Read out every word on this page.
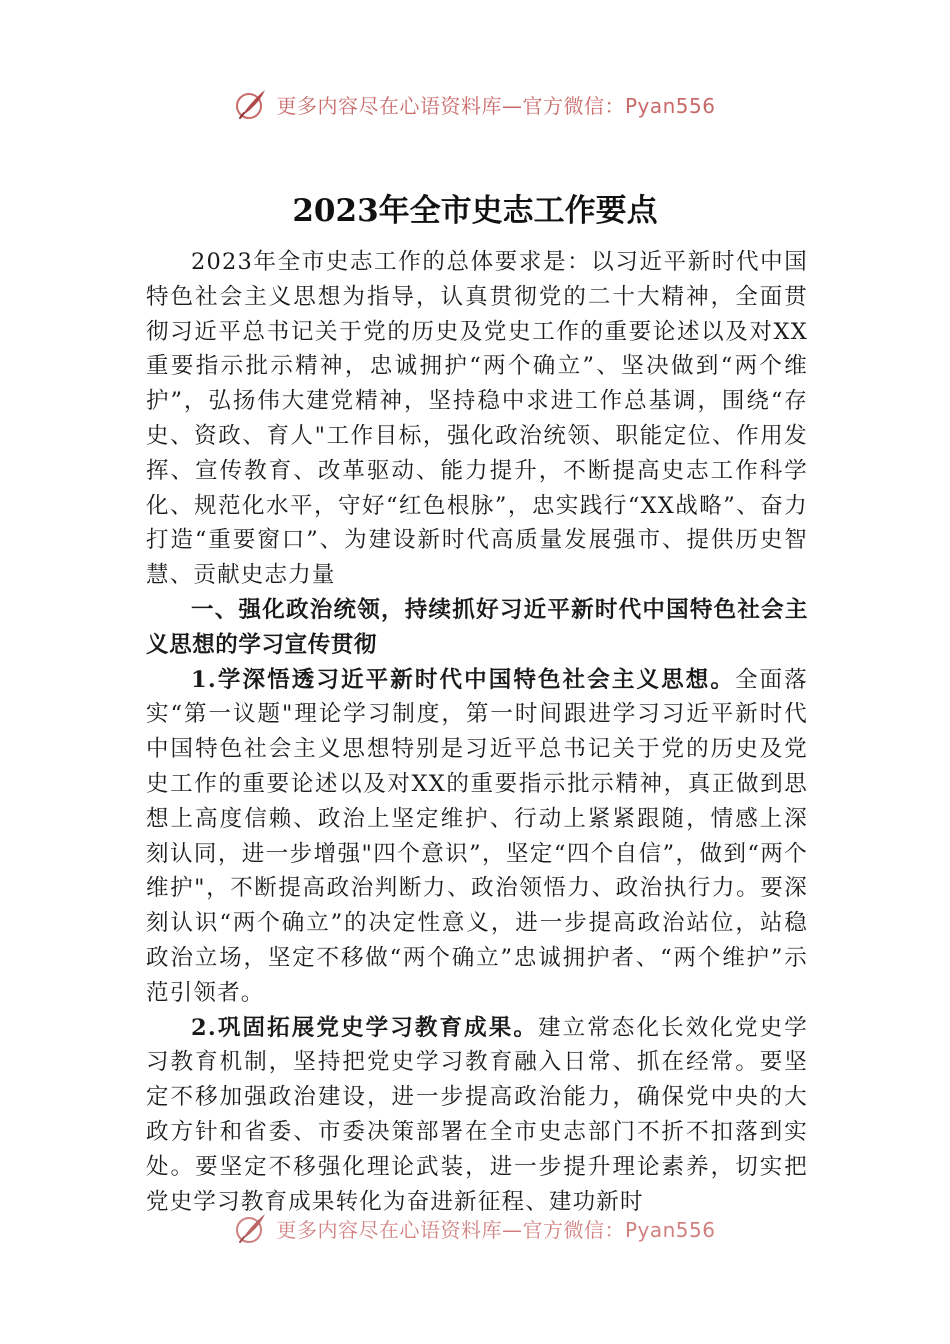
更多内容尽在心语资料库—官方微信：Pyan556
2023年全市史志工作要点

2023年全市史志工作的总体要求是：以习近平新时代中国特色社会主义思想为指导，认真贯彻党的二十大精神，全面贯彻习近平总书记关于党的历史及党史工作的重要论述以及对XX重要指示批示精神，忠诚拥护“两个确立”、坚决做到“两个维护”，弘扬伟大建党精神，坚持稳中求进工作总基调，围绕“存史、资政、育人"工作目标，强化政治统领、职能定位、作用发挥、宣传教育、改革驱动、能力提升，不断提高史志工作科学化、规范化水平，守好“红色根脉”，忠实践行“XX战略”、奋力打造“重要窗口”、为建设新时代高质量发展强市、提供历史智慧、贡献史志力量

一、强化政治统领，持续抓好习近平新时代中国特色社会主义思想的学习宣传贯彻

1.学深悟透习近平新时代中国特色社会主义思想。全面落实“第一议题"理论学习制度，第一时间跟进学习习近平新时代中国特色社会主义思想特别是习近平总书记关于党的历史及党史工作的重要论述以及对XX的重要指示批示精神，真正做到思想上高度信赖、政治上坚定维护、行动上紧紧跟随，情感上深刻认同，进一步增强"四个意识”，坚定“四个自信”，做到“两个维护"，不断提高政治判断力、政治领悟力、政治执行力。要深刻认识“两个确立”的决定性意义，进一步提高政治站位，站稳政治立场，坚定不移做“两个确立”忠诚拥护者、“两个维护”示范引领者。

2.巩固拓展党史学习教育成果。建立常态化长效化党史学习教育机制，坚持把党史学习教育融入日常、抓在经常。要坚定不移加强政治建设，进一步提高政治能力，确保党中央的大政方针和省委、市委决策部署在全市史志部门不折不扣落到实处。要坚定不移强化理论武装，进一步提升理论素养，切实把党史学习教育成果转化为奋进新征程、建功新时

更多内容尽在心语资料库—官方微信：Pyan556
